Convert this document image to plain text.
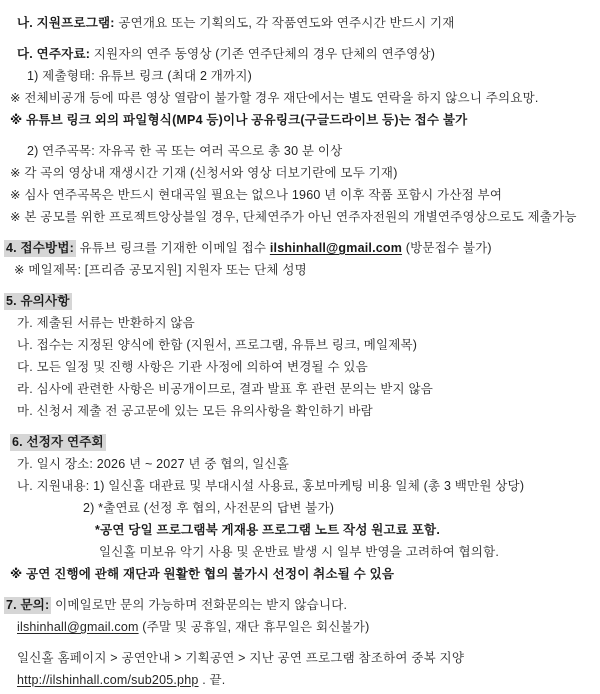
나. 지원프로그램: 공연개요 또는 기획의도, 각 작품연도와 연주시간 반드시 기재

다. 연주자료: 지원자의 연주 동영상 (기존 연주단체의 경우 단체의 연주영상)

1) 제출형태: 유튜브 링크 (최대 2 개까지)

※ 전체비공개 등에 따른 영상 열람이 불가할 경우 재단에서는 별도 연락을 하지 않으니 주의요망.

※ 유튜브 링크 외의 파일형식(MP4 등)이나 공유링크(구글드라이브 등)는 접수 불가

2) 연주곡목: 자유곡 한 곡 또는 여러 곡으로 총 30 분 이상

※ 각 곡의 영상내 재생시간 기재 (신청서와 영상 더보기란에 모두 기재)

※ 심사 연주곡목은 반드시 현대곡일 필요는 없으나 1960 년 이후 작품 포함시 가산점 부여

※ 본 공모를 위한 프로젝트앙상블일 경우, 단체연주가 아닌 연주자전원의 개별연주영상으로도 제출가능

4. 접수방법: 유튜브 링크를 기재한 이메일 접수 ilshinhall@gmail.com (방문접수 불가)

※ 메일제목: [프리즘 공모지원] 지원자 또는 단체 성명

5. 유의사항

가. 제출된 서류는 반환하지 않음

나. 접수는 지정된 양식에 한함 (지원서, 프로그램, 유튜브 링크, 메일제목)

다. 모든 일정 및 진행 사항은 기관 사정에 의하여 변경될 수 있음

라. 심사에 관련한 사항은 비공개이므로, 결과 발표 후 관련 문의는 받지 않음

마. 신청서 제출 전 공고문에 있는 모든 유의사항을 확인하기 바람

6. 선정자 연주회

가. 일시 장소: 2026 년 ~ 2027 년 중 협의, 일신홀

나. 지원내용: 1) 일신홀 대관료 및 부대시설 사용료, 홍보마케팅 비용 일체 (총 3 백만원 상당)

2) *출연료 (선정 후 협의, 사전문의 답변 불가)

*공연 당일 프로그램북 게재용 프로그램 노트 작성 원고료 포함.

일신홀 미보유 악기 사용 및 운반료 발생 시 일부 반영을 고려하여 협의함.

※ 공연 진행에 관해 재단과 원활한 협의 불가시 선정이 취소될 수 있음

7. 문의: 이메일로만 문의 가능하며 전화문의는 받지 않습니다.

ilshinhall@gmail.com (주말 및 공휴일, 재단 휴무일은 회신불가)

일신홀 홈페이지 > 공연안내 > 기획공연 > 지난 공연 프로그램 참조하여 중복 지양

http://ilshinhall.com/sub205.php . 끝.
